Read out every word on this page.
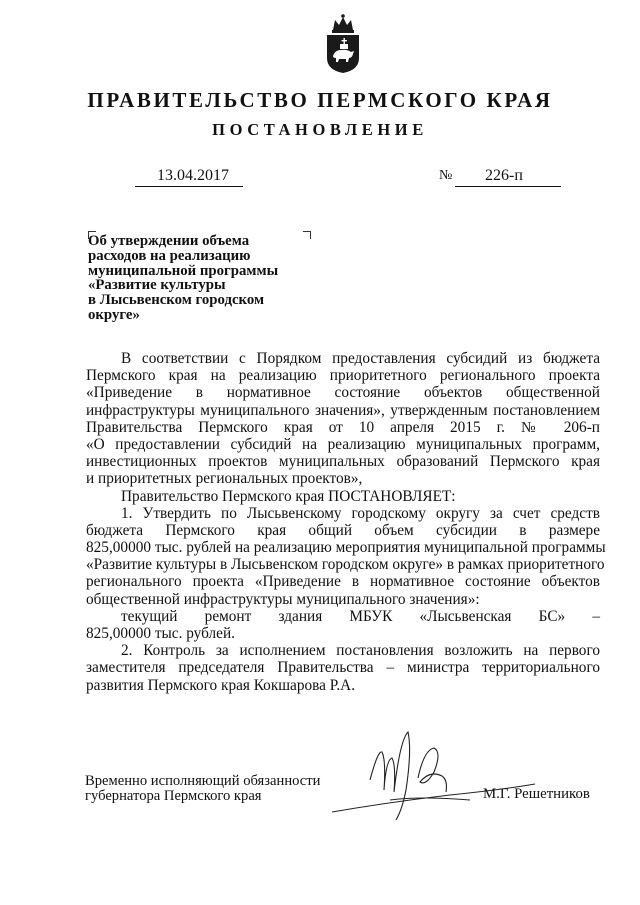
ПРАВИТЕЛЬСТВО ПЕРМСКОГО КРАЯ
ПОСТАНОВЛЕНИЕ
13.04.2017	№	226-п
Об утверждении объема
расходов на реализацию
муниципальной программы
«Развитие культуры
в Лысьвенском городском
округе»
В соответствии с Порядком предоставления субсидий из бюджета
Пермского края на реализацию приоритетного регионального проекта
«Приведение в нормативное состояние объектов общественной
инфраструктуры муниципального значения», утвержденным постановлением
Правительства Пермского края от 10 апреля 2015 г. № 206-п
«О предоставлении субсидий на реализацию муниципальных программ,
инвестиционных проектов муниципальных образований Пермского края
и приоритетных региональных проектов»,
Правительство Пермского края ПОСТАНОВЛЯЕТ:
1. Утвердить по Лысьвенскому городскому округу за счет средств
бюджета Пермского края общий объем субсидии в размере
825,00000 тыс. рублей на реализацию мероприятия муниципальной программы
«Развитие культуры в Лысьвенском городском округе» в рамках приоритетного
регионального проекта «Приведение в нормативное состояние объектов
общественной инфраструктуры муниципального значения»:
текущий ремонт здания МБУК «Лысьвенская БС» –
825,00000 тыс. рублей.
2. Контроль за исполнением постановления возложить на первого
заместителя председателя Правительства – министра территориального
развития Пермского края Кокшарова Р.А.
Временно исполняющий обязанности
губернатора Пермского края	М.Г. Решетников
